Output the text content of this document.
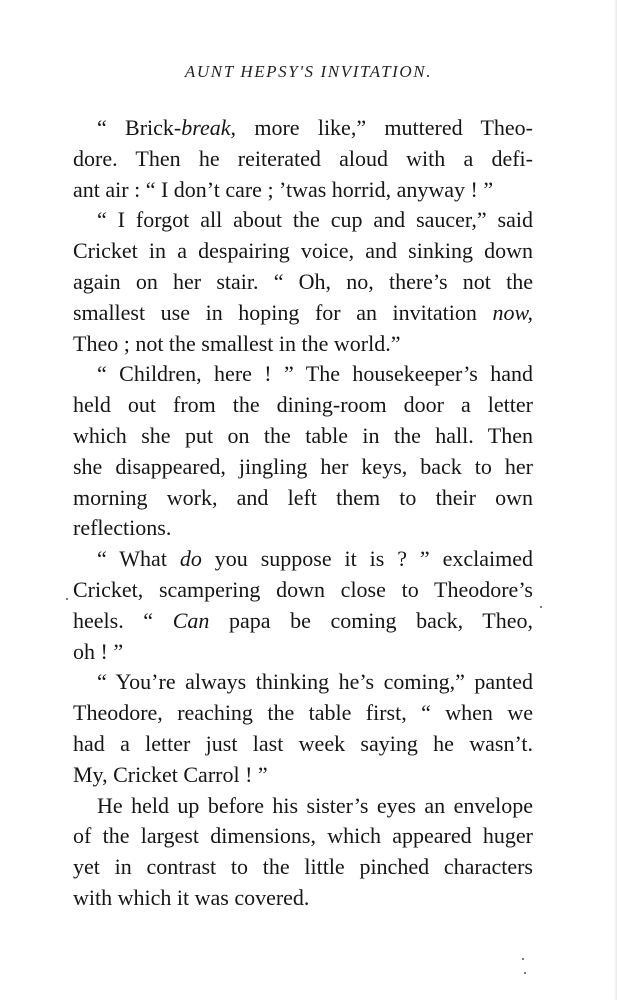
AUNT HEPSY'S INVITATION.
“ Brick-break, more like,” muttered Theo-
dore. Then he reiterated aloud with a defi-
ant air : “ I don’t care ; ’twas horrid, anyway ! ”
“ I forgot all about the cup and saucer,” said
Cricket in a despairing voice, and sinking down
again on her stair. “ Oh, no, there’s not the
smallest use in hoping for an invitation now,
Theo ; not the smallest in the world.”
“ Children, here ! ” The housekeeper’s hand
held out from the dining-room door a letter
which she put on the table in the hall. Then
she disappeared, jingling her keys, back to her
morning work, and left them to their own
reflections.
“ What do you suppose it is ? ” exclaimed
Cricket, scampering down close to Theodore’s
heels. “ Can papa be coming back, Theo,
oh ! ”
“ You’re always thinking he’s coming,” panted
Theodore, reaching the table first, “ when we
had a letter just last week saying he wasn’t.
My, Cricket Carrol ! ”
He held up before his sister’s eyes an envelope
of the largest dimensions, which appeared huger
yet in contrast to the little pinched characters
with which it was covered.
